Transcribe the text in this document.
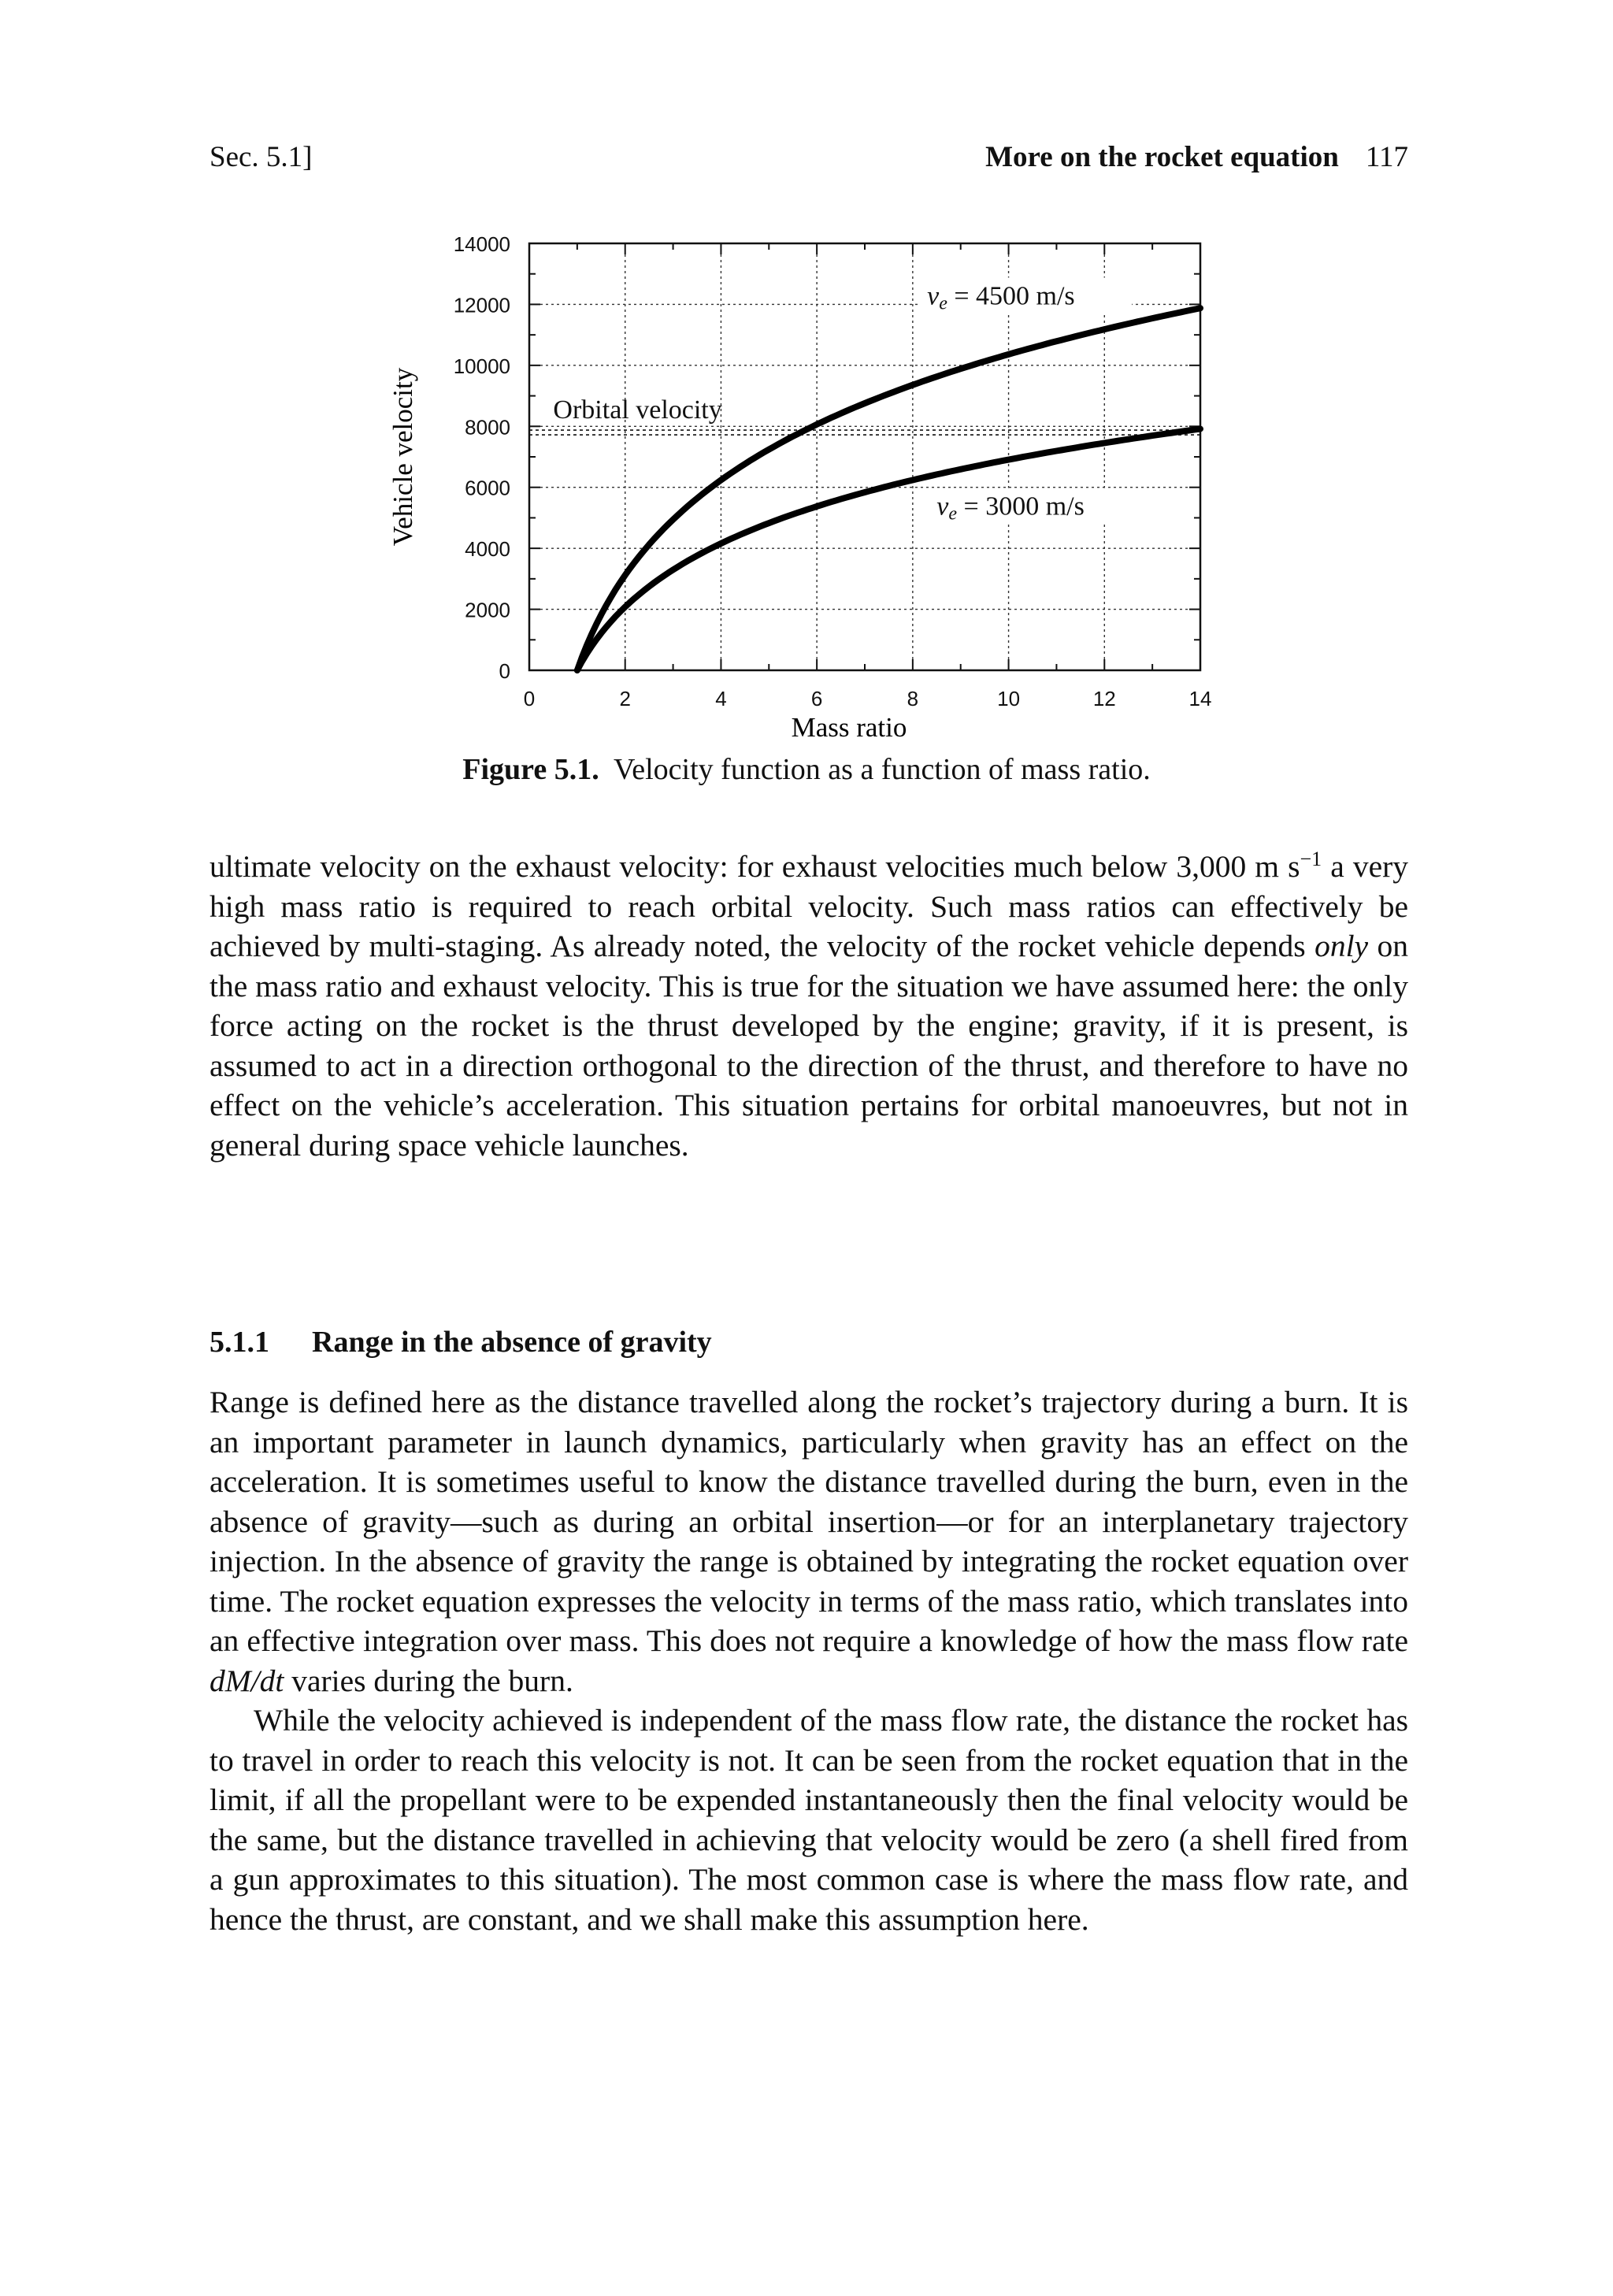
Sec. 5.1]	More on the rocket equation 117
0
2000
4000
6000
8000
10000
12000
14000
0	2	4	6	8	10	12	14
Vehicle velocity
Mass ratio
Orbital velocity
ve = 4500 m/s
ve = 3000 m/s
Figure 5.1. Velocity function as a function of mass ratio.

ultimate velocity on the exhaust velocity: for exhaust velocities much below 3,000 m $s^{-1}$ a very high mass ratio is required to reach orbital velocity. Such mass ratios can effectively be achieved by multi-staging. As already noted, the velocity of the rocket vehicle depends only on the mass ratio and exhaust velocity. This is true for the situation we have assumed here: the only force acting on the rocket is the thrust developed by the engine; gravity, if it is present, is assumed to act in a direction orthogonal to the direction of the thrust, and therefore to have no effect on the vehicle’s acceleration. This situation pertains for orbital manoeuvres, but not in general during space vehicle launches.

5.1.1 Range in the absence of gravity

Range is defined here as the distance travelled along the rocket’s trajectory during a burn. It is an important parameter in launch dynamics, particularly when gravity has an effect on the acceleration. It is sometimes useful to know the distance travelled during the burn, even in the absence of gravity—such as during an orbital insertion—or for an interplanetary trajectory injection. In the absence of gravity the range is obtained by integrating the rocket equation over time. The rocket equation expresses the velocity in terms of the mass ratio, which translates into an effective integration over mass. This does not require a knowledge of how the mass flow rate dM/dt varies during the burn.

While the velocity achieved is independent of the mass flow rate, the distance the rocket has to travel in order to reach this velocity is not. It can be seen from the rocket equation that in the limit, if all the propellant were to be expended instantaneously then the final velocity would be the same, but the distance travelled in achieving that velocity would be zero (a shell fired from a gun approximates to this situation). The most common case is where the mass flow rate, and hence the thrust, are constant, and we shall make this assumption here.
